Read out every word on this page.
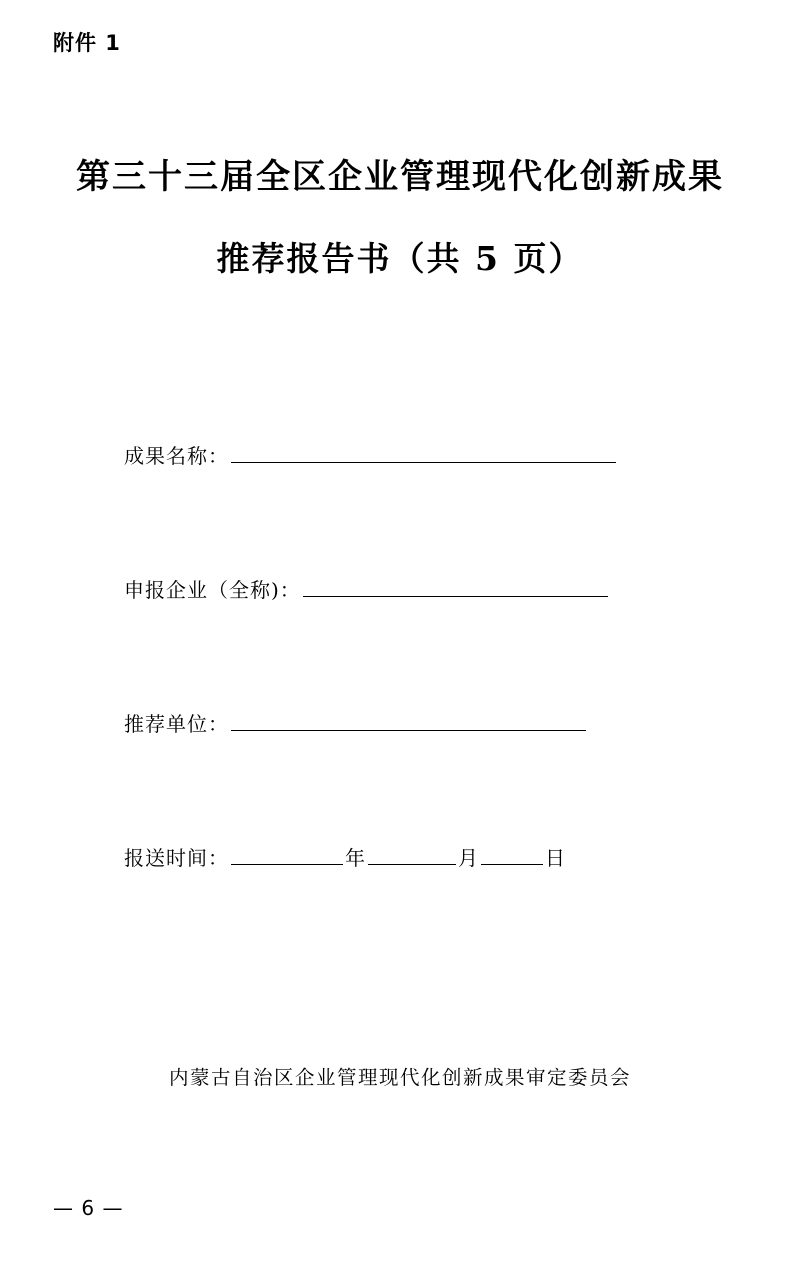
附件 1
第三十三届全区企业管理现代化创新成果
推荐报告书（共 5 页）
成果名称：
申报企业（全称)：
推荐单位：
报送时间：	年	月	日
内蒙古自治区企业管理现代化创新成果审定委员会
— 6 —
